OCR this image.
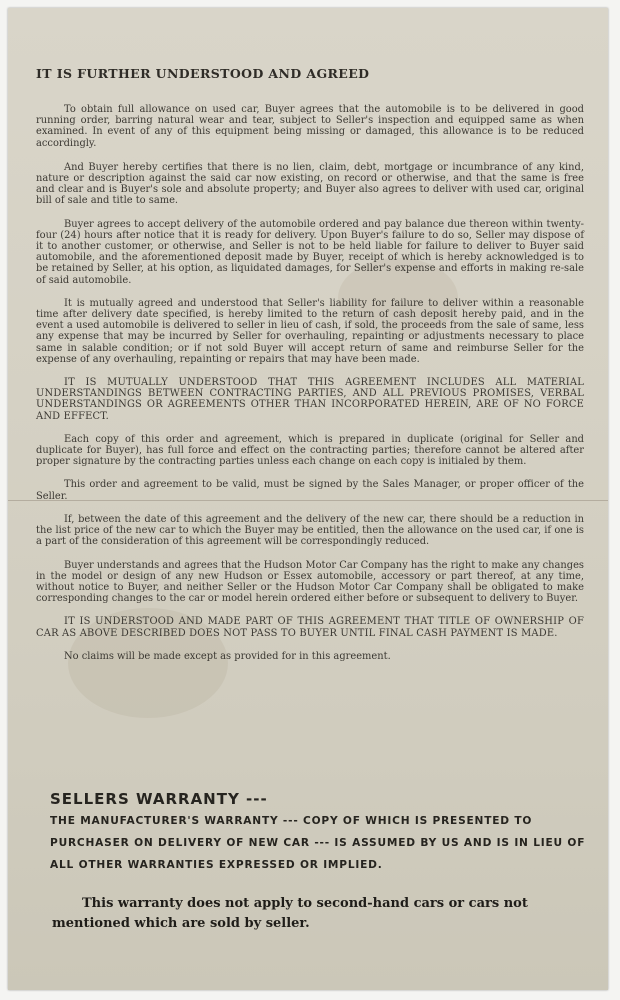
IT IS FURTHER UNDERSTOOD AND AGREED

To obtain full allowance on used car, Buyer agrees that the automobile is to be delivered in good running order, barring natural wear and tear, subject to Seller's inspection and equipped same as when examined. In event of any of this equipment being missing or damaged, this allowance is to be reduced accordingly.

And Buyer hereby certifies that there is no lien, claim, debt, mortgage or incumbrance of any kind, nature or description against the said car now existing, on record or otherwise, and that the same is free and clear and is Buyer's sole and absolute property; and Buyer also agrees to deliver with used car, original bill of sale and title to same.

Buyer agrees to accept delivery of the automobile ordered and pay balance due thereon within twenty-four (24) hours after notice that it is ready for delivery. Upon Buyer's failure to do so, Seller may dispose of it to another customer, or otherwise, and Seller is not to be held liable for failure to deliver to Buyer said automobile, and the aforementioned deposit made by Buyer, receipt of which is hereby acknowledged is to be retained by Seller, at his option, as liquidated damages, for Seller's expense and efforts in making re-sale of said automobile.

It is mutually agreed and understood that Seller's liability for failure to deliver within a reasonable time after delivery date specified, is hereby limited to the return of cash deposit hereby paid, and in the event a used automobile is delivered to seller in lieu of cash, if sold, the proceeds from the sale of same, less any expense that may be incurred by Seller for overhauling, repainting or adjustments necessary to place same in salable condition; or if not sold Buyer will accept return of same and reimburse Seller for the expense of any overhauling, repainting or repairs that may have been made.

IT IS MUTUALLY UNDERSTOOD THAT THIS AGREEMENT INCLUDES ALL MATERIAL UNDERSTANDINGS BETWEEN CONTRACTING PARTIES, AND ALL PREVIOUS PROMISES, VERBAL UNDERSTANDINGS OR AGREEMENTS OTHER THAN INCORPORATED HEREIN, ARE OF NO FORCE AND EFFECT.

Each copy of this order and agreement, which is prepared in duplicate (original for Seller and duplicate for Buyer), has full force and effect on the contracting parties; therefore cannot be altered after proper signature by the contracting parties unless each change on each copy is initialed by them.

This order and agreement to be valid, must be signed by the Sales Manager, or proper officer of the Seller.

If, between the date of this agreement and the delivery of the new car, there should be a reduction in the list price of the new car to which the Buyer may be entitled, then the allowance on the used car, if one is a part of the consideration of this agreement will be correspondingly reduced.

Buyer understands and agrees that the Hudson Motor Car Company has the right to make any changes in the model or design of any new Hudson or Essex automobile, accessory or part thereof, at any time, without notice to Buyer, and neither Seller or the Hudson Motor Car Company shall be obligated to make corresponding changes to the car or model herein ordered either before or subsequent to delivery to Buyer.

IT IS UNDERSTOOD AND MADE PART OF THIS AGREEMENT THAT TITLE OF OWNERSHIP OF CAR AS ABOVE DESCRIBED DOES NOT PASS TO BUYER UNTIL FINAL CASH PAYMENT IS MADE.

No claims will be made except as provided for in this agreement.

SELLERS WARRANTY ---

THE MANUFACTURER'S WARRANTY --- COPY OF WHICH IS PRESENTED TO PURCHASER ON DELIVERY OF NEW CAR --- IS ASSUMED BY US AND IS IN LIEU OF ALL OTHER WARRANTIES EXPRESSED OR IMPLIED.

This warranty does not apply to second-hand cars or cars not mentioned which are sold by seller.
